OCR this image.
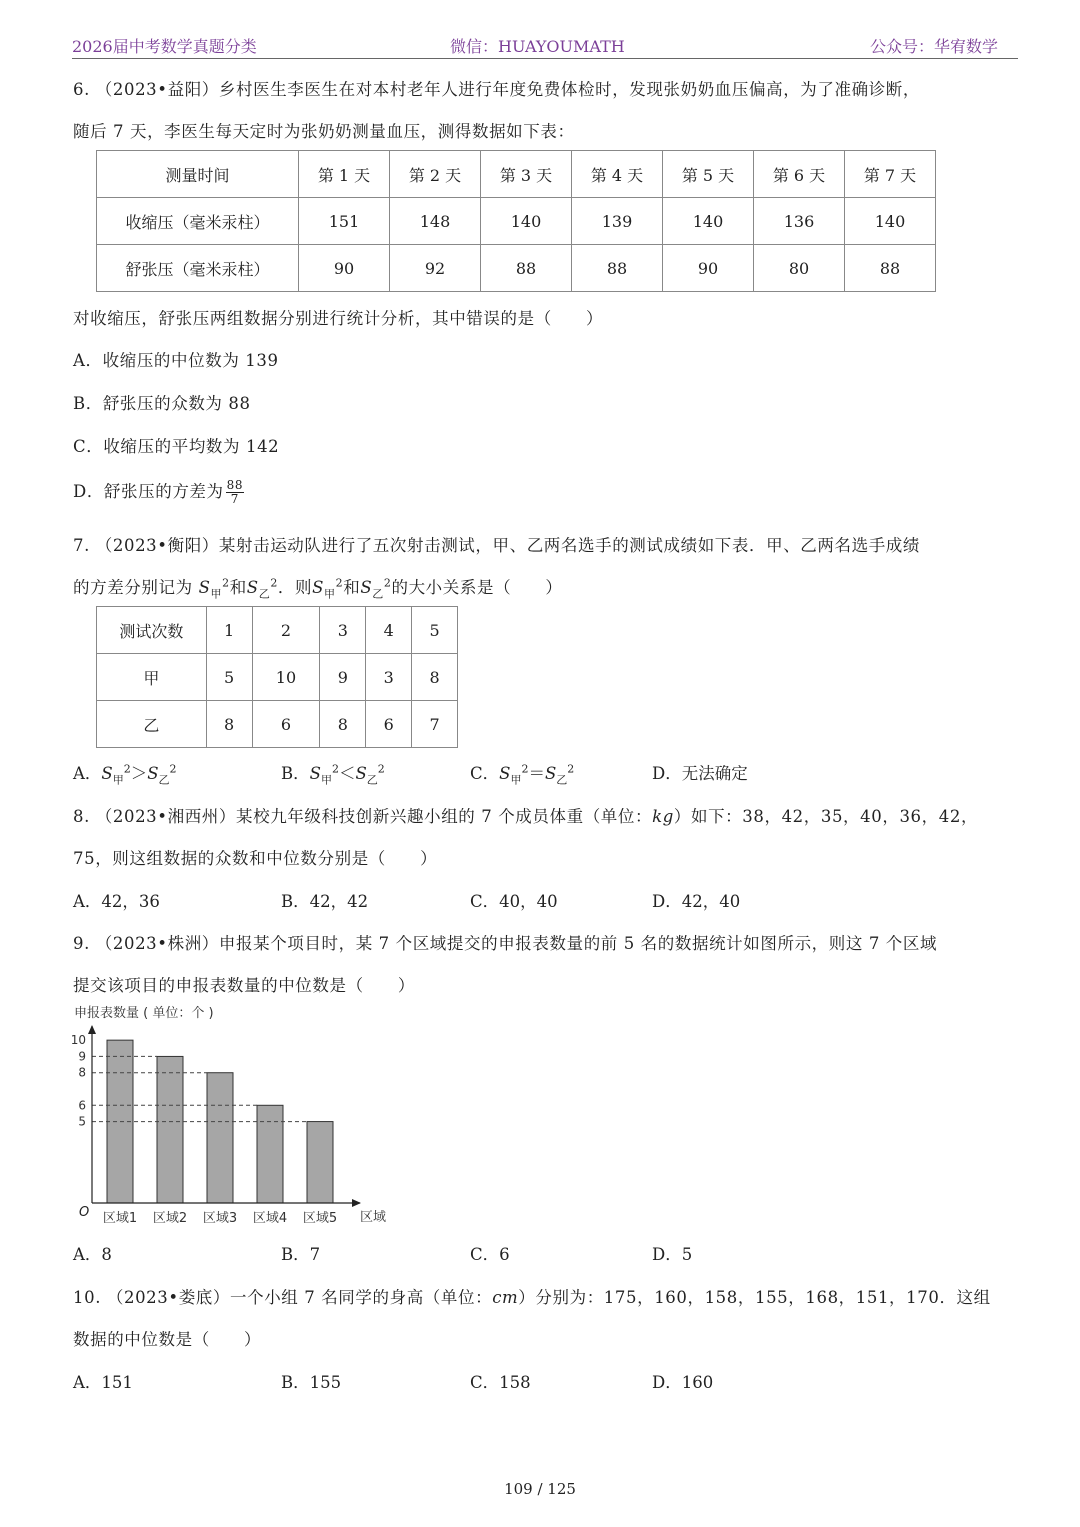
2026届中考数学真题分类	微信：HUAYOUMATH	公众号：华宥数学
6. （2023•益阳）乡村医生李医生在对本村老年人进行年度免费体检时，发现张奶奶血压偏高，为了准确诊断，
随后 7 天，李医生每天定时为张奶奶测量血压，测得数据如下表：
测量时间	第 1 天	第 2 天	第 3 天	第 4 天	第 5 天	第 6 天	第 7 天
收缩压（毫米汞柱）	151	148	140	139	140	136	140
舒张压（毫米汞柱）	90	92	88	88	90	80	88
对收缩压，舒张压两组数据分别进行统计分析，其中错误的是（　　）
A．收缩压的中位数为 139
B．舒张压的众数为 88
C．收缩压的平均数为 142
D．舒张压的方差为 $\frac{88}{7}$
7. （2023•衡阳）某射击运动队进行了五次射击测试，甲、乙两名选手的测试成绩如下表．甲、乙两名选手成绩
的方差分别记为 $S_甲^2$和$S_乙^2$．则$S_甲^2$和$S_乙^2$的大小关系是（　　）
测试次数	1	2	3	4	5
甲	5	10	9	3	8
乙	8	6	8	6	7
A．$S_甲^2>S_乙^2$	B．$S_甲^2<S_乙^2$	C．$S_甲^2=S_乙^2$	D．无法确定
8. （2023•湘西州）某校九年级科技创新兴趣小组的 7 个成员体重（单位：kg）如下：38，42，35，40，36，42，
75，则这组数据的众数和中位数分别是（　　）
A．42，36	B．42，42	C．40，40	D．42，40
9. （2023•株洲）申报某个项目时，某 7 个区域提交的申报表数量的前 5 名的数据统计如图所示，则这 7 个区域
提交该项目的申报表数量的中位数是（　　）
申报表数量 ( 单位：个 )
5
6
8
9
10
区域1 区域2 区域3 区域4 区域5
O	区域
A．8	B．7	C．6	D．5
10. （2023•娄底）一个小组 7 名同学的身高（单位：cm）分别为：175，160，158，155，168，151，170．这组
数据的中位数是（　　）
A．151	B．155	C．158	D．160
109 / 125
